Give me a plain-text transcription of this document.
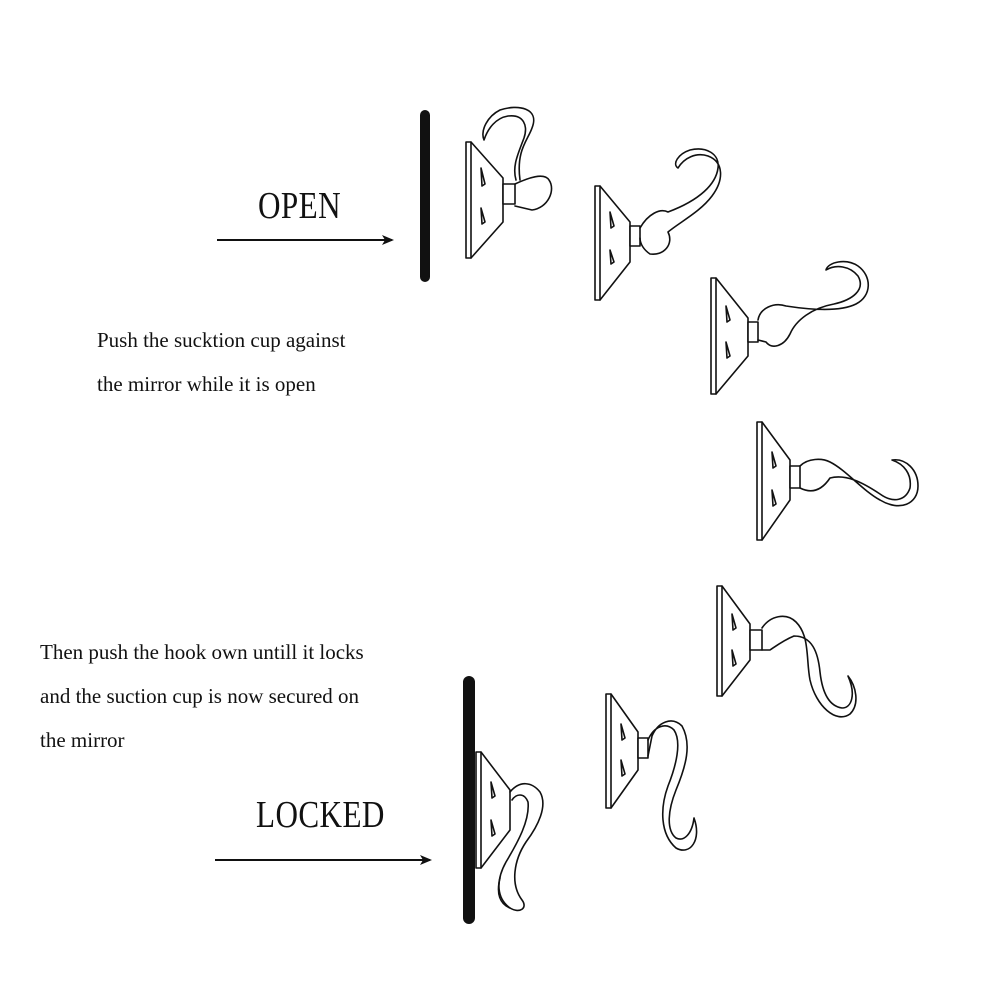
OPEN
LOCKED
Push the sucktion cup against
the mirror while it is open
Then push the hook own untill it locks
and the suction cup is now secured on
the mirror
